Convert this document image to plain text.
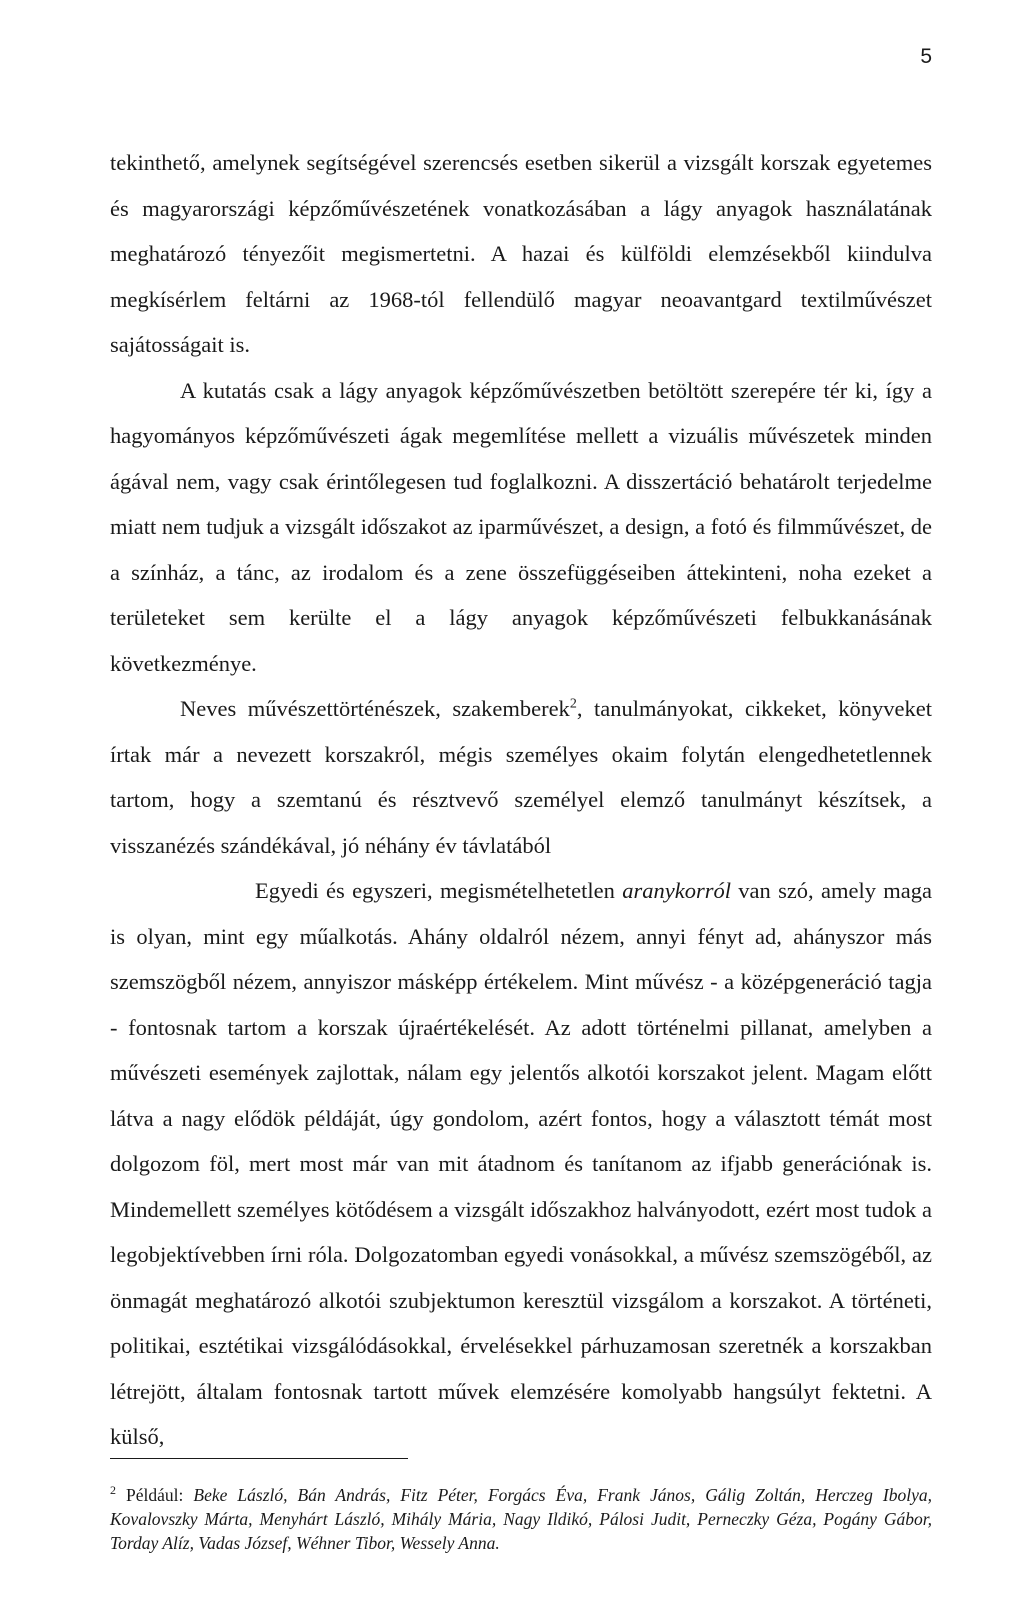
5

tekinthető, amelynek segítségével szerencsés esetben sikerül a vizsgált korszak egyetemes és magyarországi képzőművészetének vonatkozásában a lágy anyagok használatának meghatározó tényezőit megismertetni. A hazai és külföldi elemzésekből kiindulva megkísérlem feltárni az 1968-tól fellendülő magyar neoavantgard textilművészet sajátosságait is.

A kutatás csak a lágy anyagok képzőművészetben betöltött szerepére tér ki, így a hagyományos képzőművészeti ágak megemlítése mellett a vizuális művészetek minden ágával nem, vagy csak érintőlegesen tud foglalkozni. A disszertáció behatárolt terjedelme miatt nem tudjuk a vizsgált időszakot az iparművészet, a design, a fotó és filmművészet, de a színház, a tánc, az irodalom és a zene összefüggéseiben áttekinteni, noha ezeket a területeket sem kerülte el a lágy anyagok képzőművészeti felbukkanásának következménye.

Neves művészettörténészek, szakemberek$^2$, tanulmányokat, cikkeket, könyveket írtak már a nevezett korszakról, mégis személyes okaim folytán elengedhetetlennek tartom, hogy a szemtanú és résztvevő személyel elemző tanulmányt készítsek, a visszanézés szándékával, jó néhány év távlatából

Egyedi és egyszeri, megismételhetetlen aranykorról van szó, amely maga is olyan, mint egy műalkotás. Ahány oldalról nézem, annyi fényt ad, ahányszor más szemszögből nézem, annyiszor másképp értékelem. Mint művész - a középgeneráció tagja - fontosnak tartom a korszak újraértékelését. Az adott történelmi pillanat, amelyben a művészeti események zajlottak, nálam egy jelentős alkotói korszakot jelent. Magam előtt látva a nagy elődök példáját, úgy gondolom, azért fontos, hogy a választott témát most dolgozom föl, mert most már van mit átadnom és tanítanom az ifjabb generációnak is. Mindemellett személyes kötődésem a vizsgált időszakhoz halványodott, ezért most tudok a legobjektívebben írni róla. Dolgozatomban egyedi vonásokkal, a művész szemszögéből, az önmagát meghatározó alkotói szubjektumon keresztül vizsgálom a korszakot. A történeti, politikai, esztétikai vizsgálódásokkal, érvelésekkel párhuzamosan szeretnék a korszakban létrejött, általam fontosnak tartott művek elemzésére komolyabb hangsúlyt fektetni. A külső,

$^2$ Például: Beke László, Bán András, Fitz Péter, Forgács Éva, Frank János, Gálig Zoltán, Herczeg Ibolya, Kovalovszky Márta, Menyhárt László, Mihály Mária, Nagy Ildikó, Pálosi Judit, Perneczky Géza, Pogány Gábor, Torday Alíz, Vadas József, Wéhner Tibor, Wessely Anna.
